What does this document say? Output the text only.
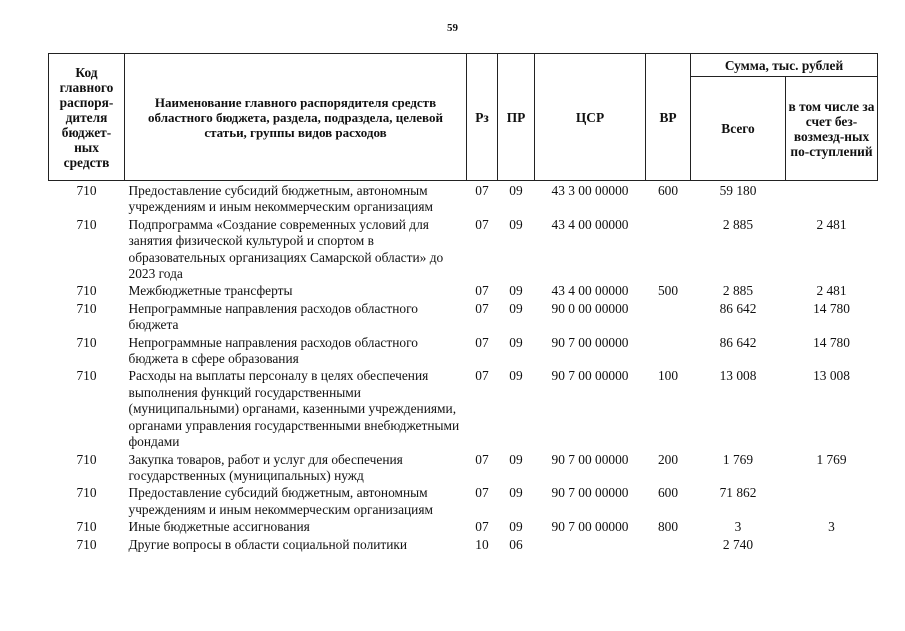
59
Код главного распоря-дителя бюджет-ных средств	Наименование главного распорядителя средств областного бюджета, раздела, подраздела, целевой статьи, группы видов расходов	Рз	ПР	ЦСР	ВР	Сумма, тыс. рублей	
						Всего	в том числе за счет без-возмезд-ных по-ступлений
710	Предоставление субсидий бюджетным, автономным учреждениям и иным некоммерческим организациям	07	09	43 3 00 00000	600	59 180	
710	Подпрограмма «Создание современных условий для занятия физической культурой и спортом в образовательных организациях Самарской области» до 2023 года	07	09	43 4 00 00000		2 885	2 481
710	Межбюджетные трансферты	07	09	43 4 00 00000	500	2 885	2 481
710	Непрограммные направления расходов областного бюджета	07	09	90 0 00 00000		86 642	14 780
710	Непрограммные направления расходов областного бюджета в сфере образования	07	09	90 7 00 00000		86 642	14 780
710	Расходы на выплаты персоналу в целях обеспечения выполнения функций государственными (муниципальными) органами, казенными учреждениями, органами управления государственными внебюджетными фондами	07	09	90 7 00 00000	100	13 008	13 008
710	Закупка товаров, работ и услуг для обеспечения государственных (муниципальных) нужд	07	09	90 7 00 00000	200	1 769	1 769
710	Предоставление субсидий бюджетным, автономным учреждениям и иным некоммерческим организациям	07	09	90 7 00 00000	600	71 862	
710	Иные бюджетные ассигнования	07	09	90 7 00 00000	800	3	3
710	Другие вопросы в области социальной политики	10	06			2 740	
